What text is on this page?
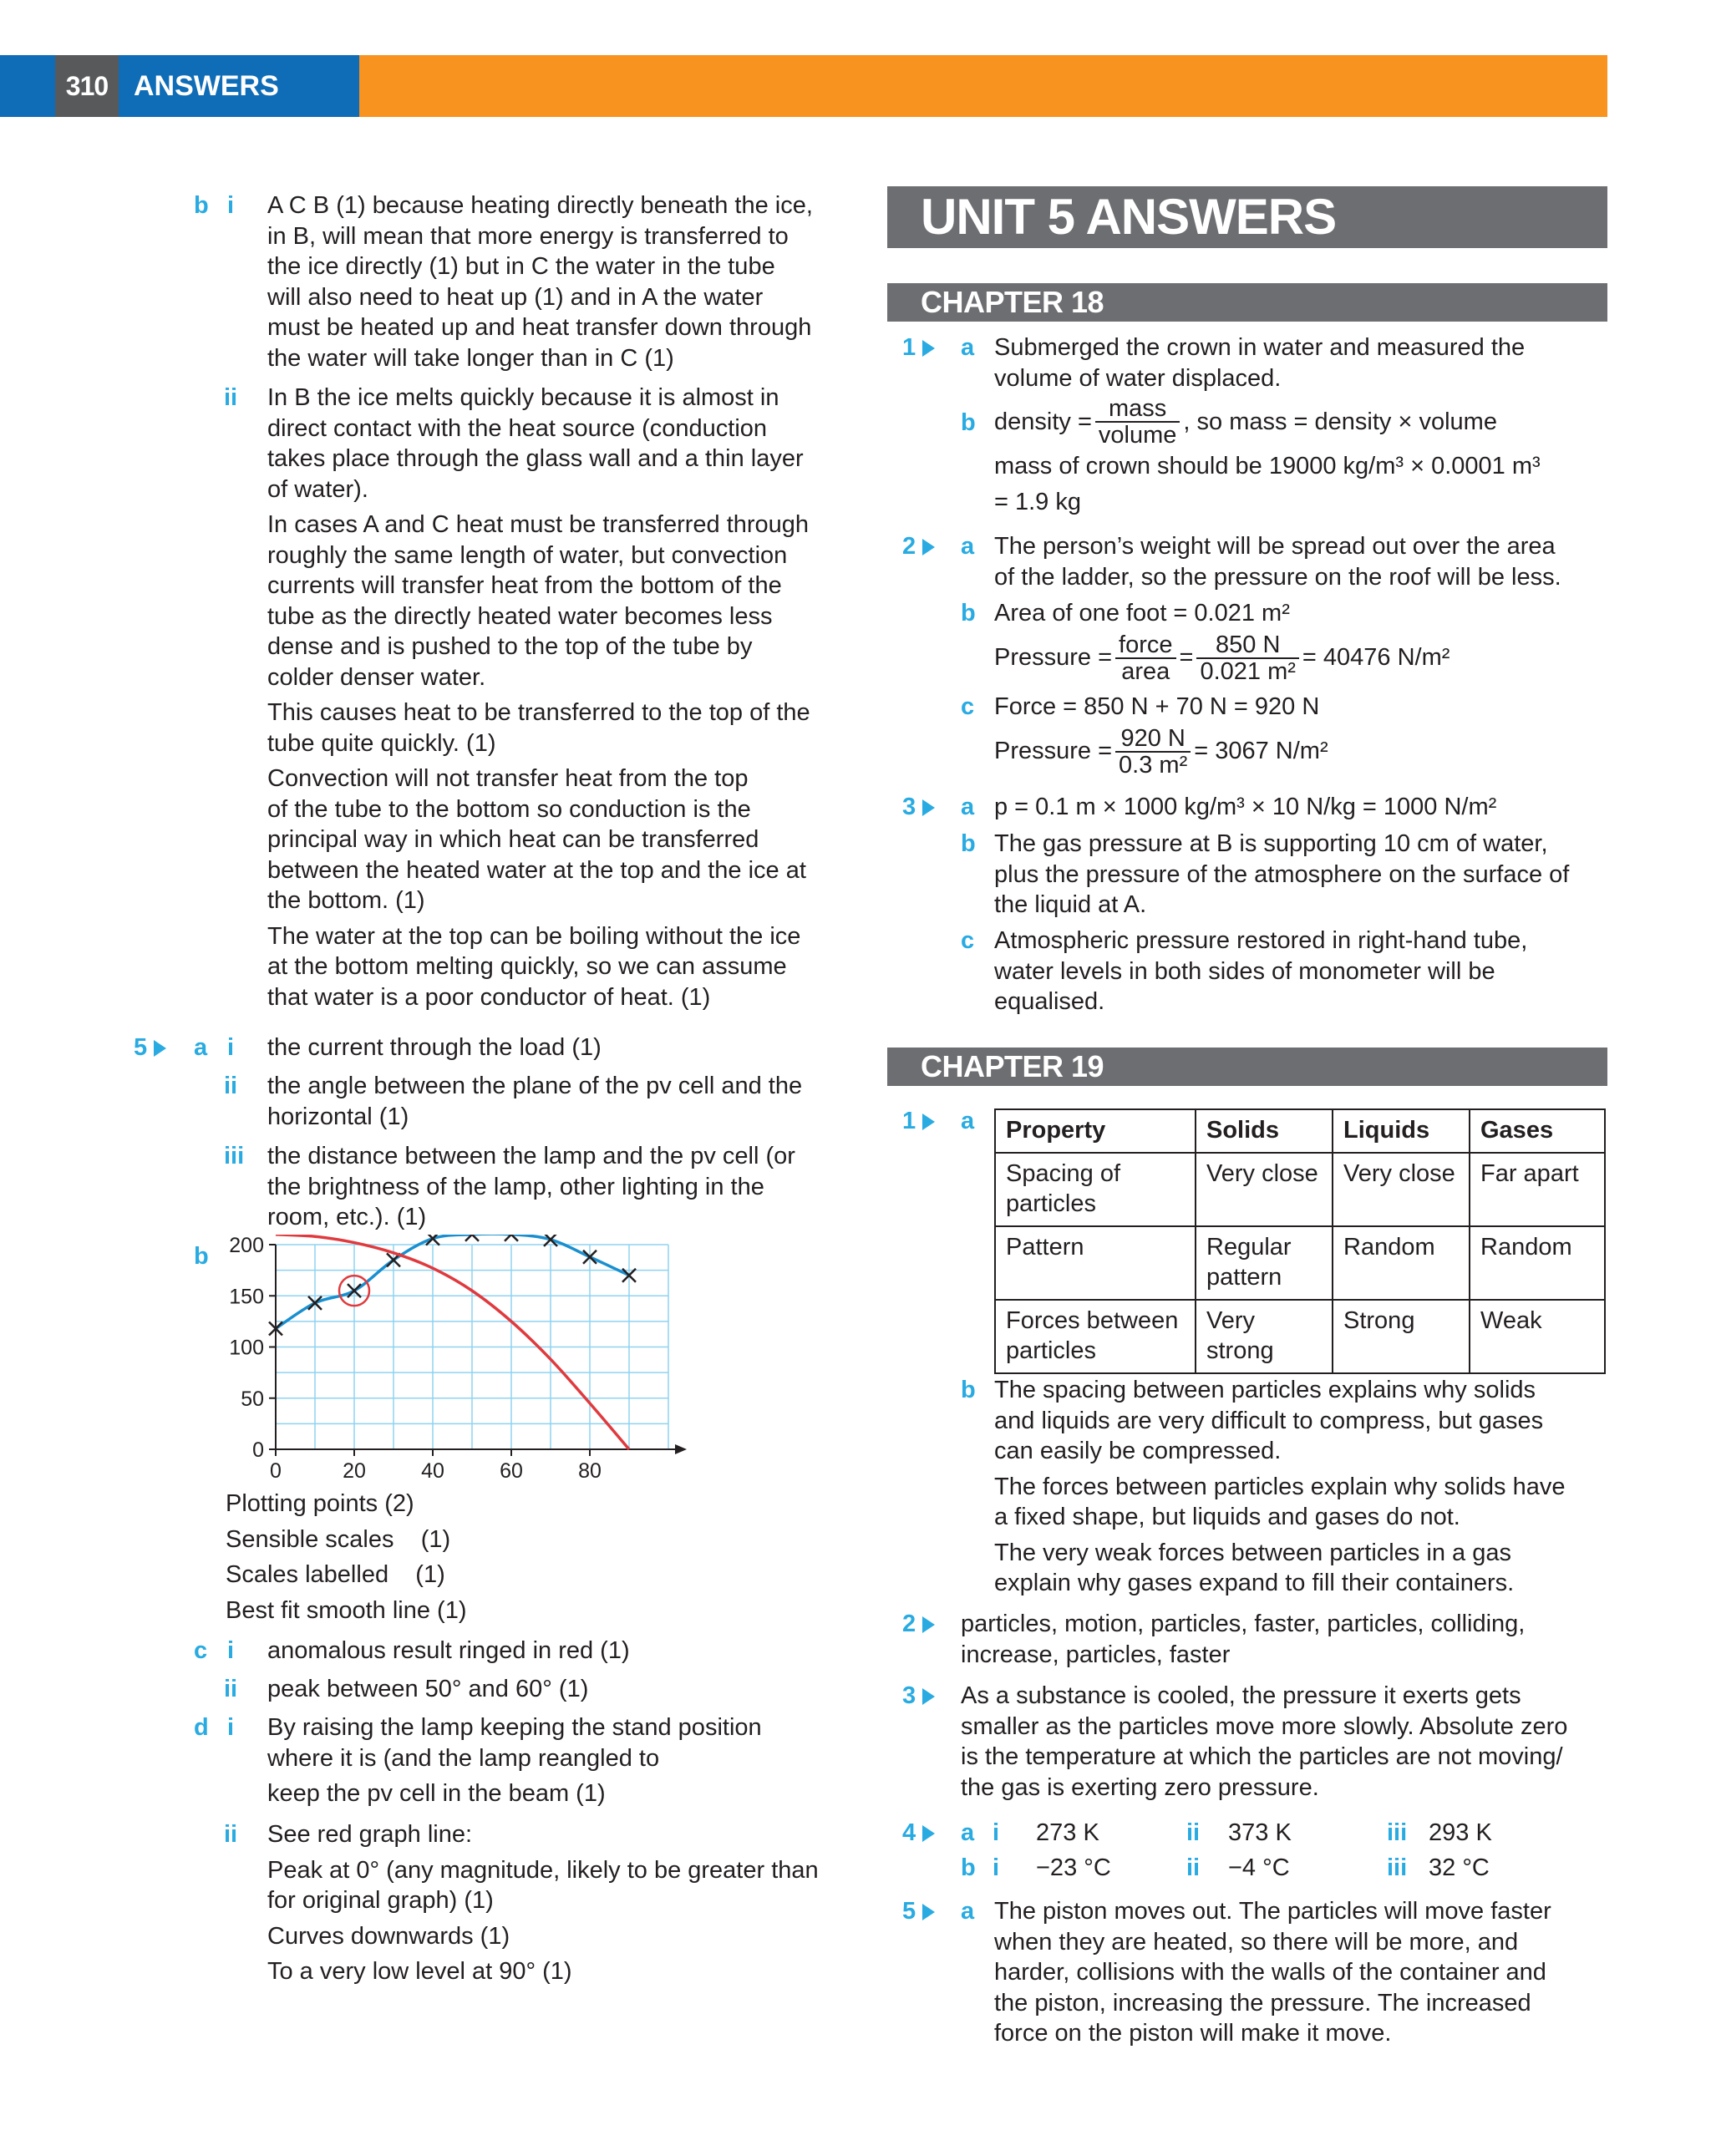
310 ANSWERS
b i A C B (1) because heating directly beneath the ice,
in B, will mean that more energy is transferred to
the ice directly (1) but in C the water in the tube
will also need to heat up (1) and in A the water
must be heated up and heat transfer down through
the water will take longer than in C (1)
ii In B the ice melts quickly because it is almost in
direct contact with the heat source (conduction
takes place through the glass wall and a thin layer
of water).
In cases A and C heat must be transferred through
roughly the same length of water, but convection
currents will transfer heat from the bottom of the
tube as the directly heated water becomes less
dense and is pushed to the top of the tube by
colder denser water.
This causes heat to be transferred to the top of the
tube quite quickly. (1)
Convection will not transfer heat from the top
of the tube to the bottom so conduction is the
principal way in which heat can be transferred
between the heated water at the top and the ice at
the bottom. (1)
The water at the top can be boiling without the ice
at the bottom melting quickly, so we can assume
that water is a poor conductor of heat. (1)
5	a i the current through the load (1)
ii the angle between the plane of the pv cell and the
horizontal (1)
iii the distance between the lamp and the pv cell (or
the brightness of the lamp, other lighting in the
room, etc.). (1)
b
0	20	40	60	80
0
50
100
150
200
Plotting points (2)
Sensible scales    (1)
Scales labelled    (1)
Best fit smooth line (1)
c i anomalous result ringed in red (1)
ii peak between 50° and 60° (1)
d i By raising the lamp keeping the stand position
where it is (and the lamp reangled to
keep the pv cell in the beam (1)
ii See red graph line:
Peak at 0° (any magnitude, likely to be greater than
for original graph) (1)
Curves downwards (1)
To a very low level at 90° (1)
UNIT 5 ANSWERS
CHAPTER 18
1	a Submerged the crown in water and measured the
volume of water displaced.
b density = $\frac{\text{mass}}{\text{volume}}$ , so mass = density × volume
mass of crown should be 19000 kg/m³ × 0.0001 m³
= 1.9 kg
2	a The person’s weight will be spread out over the area
of the ladder, so the pressure on the roof will be less.
b Area of one foot = 0.021 m²
Pressure = $\frac{\text{force}}{\text{area}} = \frac{850 N}{\text{0.021 m²}} = 40476$ N/m²
c Force = 850 N + 70 N = 920 N
Pressure = $\frac{920 N}{\text{0.3 m²}} = 3067$ N/m²
3	a p = 0.1 m × 1000 kg/m³ × 10 N/kg = 1000 N/m²
b The gas pressure at B is supporting 10 cm of water,
plus the pressure of the atmosphere on the surface of
the liquid at A.
c Atmospheric pressure restored in right-hand tube,
water levels in both sides of monometer will be
equalised.
CHAPTER 19
1	a Property	Solids	Liquids	Gases
Spacing of particles	Very close	Very close	Far apart
Pattern	Regular pattern	Random	Random
Forces between particles	Very strong	Strong	Weak
b The spacing between particles explains why solids
and liquids are very difficult to compress, but gases
can easily be compressed.
The forces between particles explain why solids have
a fixed shape, but liquids and gases do not.
The very weak forces between particles in a gas
explain why gases expand to fill their containers.
2	particles, motion, particles, faster, particles, colliding,
increase, particles, faster
3	As a substance is cooled, the pressure it exerts gets
smaller as the particles move more slowly. Absolute zero
is the temperature at which the particles are not moving/
the gas is exerting zero pressure.
4	a i 273 K	ii 373 K	iii 293 K
b i −23 °C	ii −4 °C	iii 32 °C
5	a The piston moves out. The particles will move faster
when they are heated, so there will be more, and
harder, collisions with the walls of the container and
the piston, increasing the pressure. The increased
force on the piston will make it move.
